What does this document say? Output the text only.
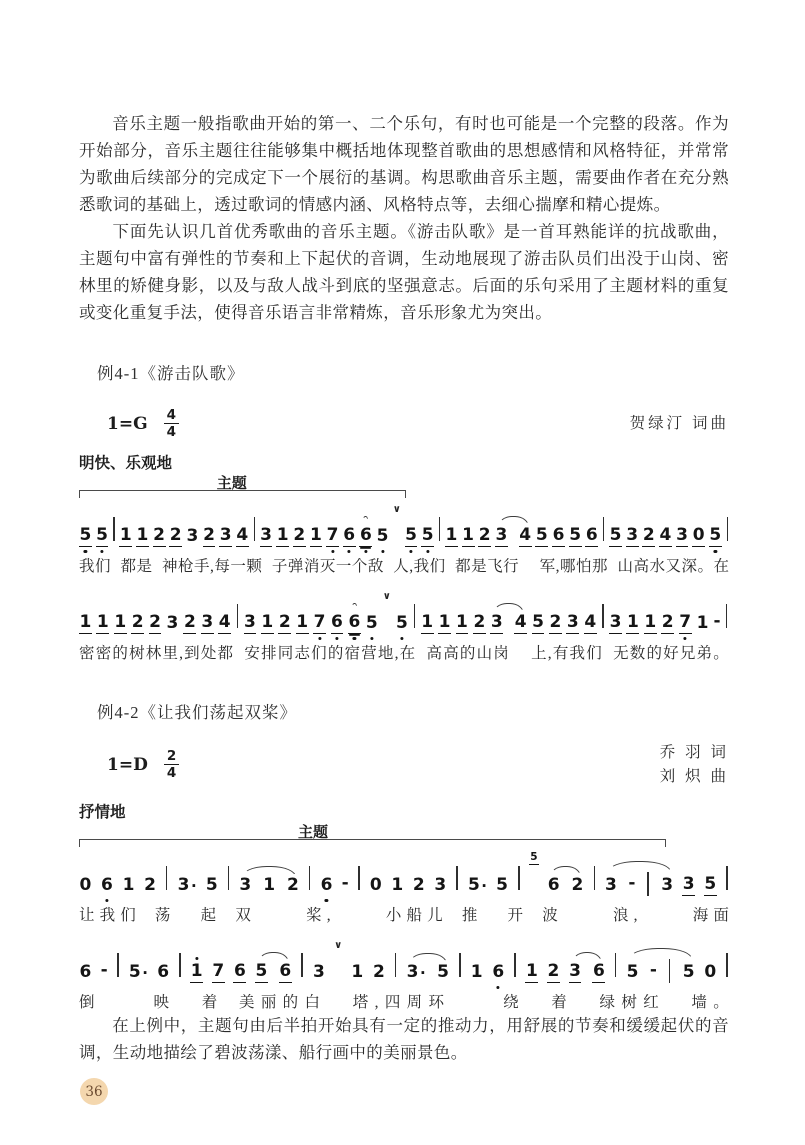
音乐主题一般指歌曲开始的第一、二个乐句，有时也可能是一个完整的段落。作为开始部分，音乐主题往往能够集中概括地体现整首歌曲的思想感情和风格特征，并常常为歌曲后续部分的完成定下一个展衍的基调。构思歌曲音乐主题，需要曲作者在充分熟悉歌词的基础上，透过歌词的情感内涵、风格特点等，去细心揣摩和精心提炼。

下面先认识几首优秀歌曲的音乐主题。《游击队歌》是一首耳熟能详的抗战歌曲，主题句中富有弹性的节奏和上下起伏的音调，生动地展现了游击队员们出没于山岗、密林里的矫健身影，以及与敌人战斗到底的坚强意志。后面的乐句采用了主题材料的重复或变化重复手法，使得音乐语言非常精炼，音乐形象尤为突出。

例4-1《游击队歌》
$1=G \frac{4}{4}$	贺绿汀 词曲
明快、乐观地
主题
5 5 1 1 2 2 3 2 3 4 3 1 2 1 7 6 6 5
∨
5 5 1 1 2 3 4 5 6 5 6 5 3 2 4 3 0 5
我 们 都 是 神 枪 手 , 每 一 颗 子 弹 消 灭 一 个 敌 人 , 我 们 都 是 飞 行 军 , 哪 怕 那 山 高 水 又 深 。 在
1 1 1 2 2 3 2 3 4 3 1 2 1 7 6 6 5
∨
5 1 1 1 2 3 4 5 2 3 4 3 1 1 2 7 1 -
密 密 的 树 林 里 , 到 处 都 安 排 同 志 们 的 宿 营 地 , 在 高 高 的 山 岗 上 , 有 我 们 无 数 的 好 兄 弟 。
例4-2《让我们荡起双桨》
$1=D \frac{2}{4}$	乔 羽 词
刘 炽 曲
抒情地
主题
0 6 1 2 3 · 5 3 1 2 6 - 0 1 2 3 5 · 5
5
6 2 3 - 3 3 5
让 我 们 荡 起 双	桨 ,	小 船 儿 推 开 波	浪 ,	海 面
6 - 5 · 6 1 7 6 5 6 3
∨
1 2 3 · 5 1 6 1 2 3 6 5 - 5 0
倒	映 着 美 丽 的 白 塔 , 四 周 环	绕 着 绿 树 红 墙 。

在上例中，主题句由后半拍开始具有一定的推动力，用舒展的节奏和缓缓起伏的音调，生动地描绘了碧波荡漾、船行画中的美丽景色。

36
